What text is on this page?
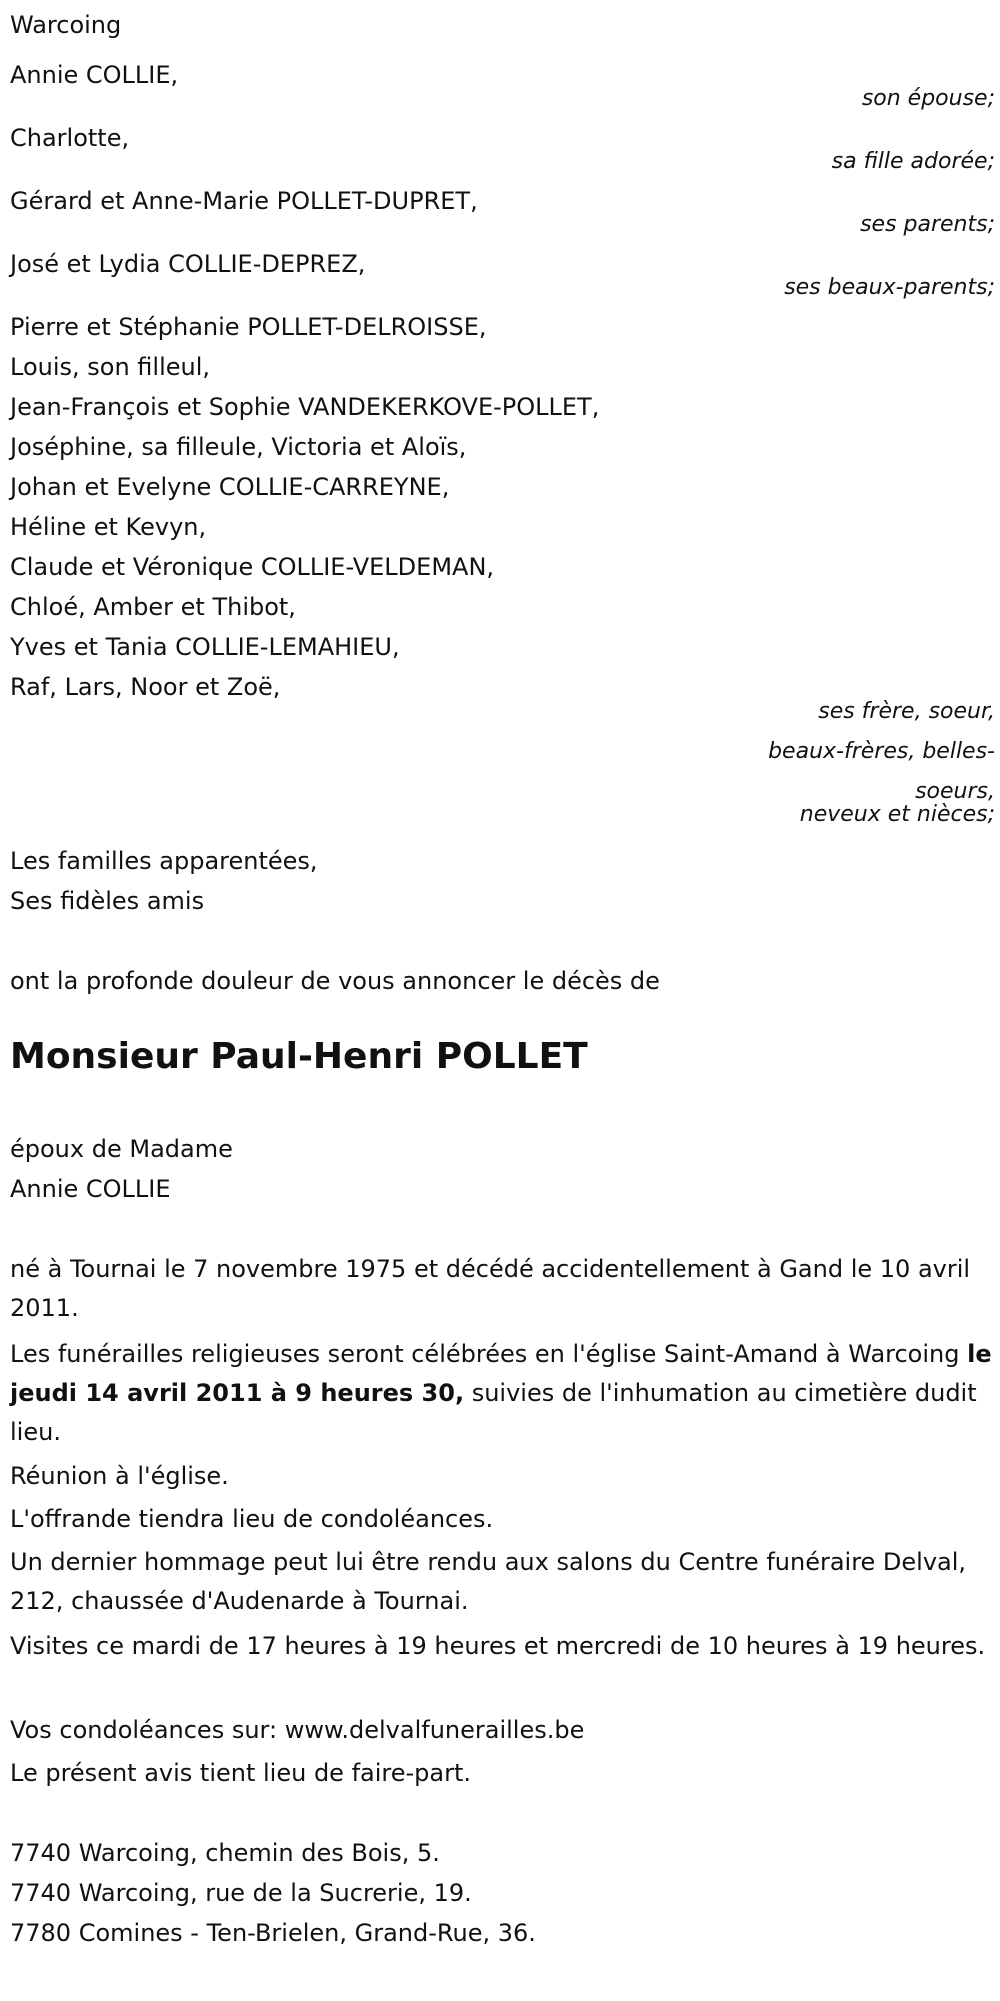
Warcoing
Annie COLLIE,
son épouse;
Charlotte,
sa fille adorée;
Gérard et Anne-Marie POLLET-DUPRET,
ses parents;
José et Lydia COLLIE-DEPREZ,
ses beaux-parents;
Pierre et Stéphanie POLLET-DELROISSE,
Louis, son filleul,
Jean-François et Sophie VANDEKERKOVE-POLLET,
Joséphine, sa filleule, Victoria et Aloïs,
Johan et Evelyne COLLIE-CARREYNE,
Héline et Kevyn,
Claude et Véronique COLLIE-VELDEMAN,
Chloé, Amber et Thibot,
Yves et Tania COLLIE-LEMAHIEU,
Raf, Lars, Noor et Zoë,
ses frère, soeur,
beaux-frères, belles-
soeurs,
neveux et nièces;
Les familles apparentées,
Ses fidèles amis
ont la profonde douleur de vous annoncer le décès de
Monsieur Paul-Henri POLLET
époux de Madame
Annie COLLIE
né à Tournai le 7 novembre 1975 et décédé accidentellement à Gand le 10 avril 2011.
Les funérailles religieuses seront célébrées en l'église Saint-Amand à Warcoing le jeudi 14 avril 2011 à 9 heures 30, suivies de l'inhumation au cimetière dudit lieu.
Réunion à l'église.
L'offrande tiendra lieu de condoléances.
Un dernier hommage peut lui être rendu aux salons du Centre funéraire Delval, 212, chaussée d'Audenarde à Tournai.
Visites ce mardi de 17 heures à 19 heures et mercredi de 10 heures à 19 heures.
Vos condoléances sur: www.delvalfunerailles.be
Le présent avis tient lieu de faire-part.
7740 Warcoing, chemin des Bois, 5.
7740 Warcoing, rue de la Sucrerie, 19.
7780 Comines - Ten-Brielen, Grand-Rue, 36.
